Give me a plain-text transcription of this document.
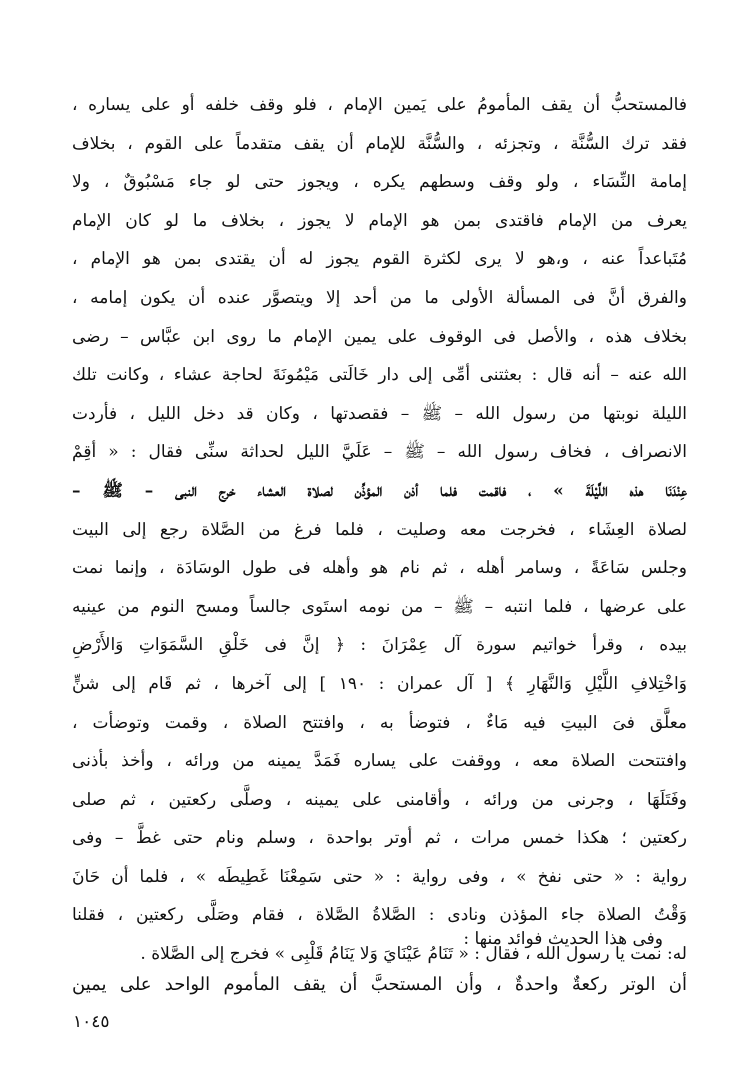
فالمستحبُّ أن يقف المأمومُ على يَمين الإمام ، فلو وقف خلفه أو على يساره ،
فقد ترك السُّنَّة ، وتجزئه ، والسُّنَّة للإمام أن يقف متقدماً على القوم ، بخلاف
إمامة النِّسَاء ، ولو وقف وسطهم يكره ، ويجوز حتى لو جاء مَسْبُوقٌ ، ولا
يعرف من الإمام فاقتدى بمن هو الإمام لا يجوز ، بخلاف ما لو كان الإمام
مُتَباعداً عنه ، و،هو لا يرى لكثرة القوم يجوز له أن يقتدى بمن هو الإمام ،
والفرق أنَّ فى المسألة الأولى ما من أحد إلا ويتصوَّر عنده أن يكون إمامه ،
بخلاف هذه ، والأصل فى الوقوف على يمين الإمام ما روى ابن عبَّاس – رضى
الله عنه – أنه قال : بعثتنى أمِّى إلى دار خَالَتى مَيْمُونَةَ لحاجة عشاء ، وكانت تلك
الليلة نوبتها من رسول الله – ﷺ – فقصدتها ، وكان قد دخل الليل ، فأردت
الانصراف ، فخاف رسول الله – ﷺ – عَلَيَّ الليل لحداثة سنِّى فقال : « أقِمْ
عِنْدَنَا هذه اللَّيْلَةَ » ، فاقمت فلما أذن المؤذِّن لصلاة العشاء خرج النبى – ﷺ –
لصلاة العِشَاء ، فخرجت معه وصليت ، فلما فرغ من الصَّلاة رجع إلى البيت
وجلس سَاعَةً ، وسامر أهله ، ثم نام هو وأهله فى طول الوسَادَة ، وإنما نمت
على عرضها ، فلما انتبه – ﷺ – من نومه استَوى جالساً ومسح النوم من عينيه
بيده ، وقرأ خواتيم سورة آل عِمْرَانَ : ﴿ إنَّ فى خَلْقِ السَّمَوَاتِ وَالأَرْضِ
وَاخْتِلافِ اللَّيْلِ وَالنَّهَارِ ﴾ [ آل عمران : ١٩٠ ] إلى آخرها ، ثم قَام إلى شنٍّ
معلَّق فىَ البيتِ فيه مَاءٌ ، فتوضأ به ، وافتتح الصلاة ، وقمت وتوضأت ،
وافتتحت الصلاة معه ، ووقفت على يساره فَمَدَّ يمينه من ورائه ، وأخذ بأذنى
وفَتَلَهَا ، وجرنى من ورائه ، وأقامنى على يمينه ، وصلَّى ركعتين ، ثم صلى
ركعتين ؛ هكذا خمس مرات ، ثم أوتر بواحدة ، وسلم ونام حتى غطَّ – وفى
رواية : « حتى نفخ » ، وفى رواية : « حتى سَمِعْنَا غَطِيطَه » ، فلما أن حَانَ
وَقْتُ الصلاة جاء المؤذن ونادى : الصَّلاةُ الصَّلاة ، فقام وصَلَّى ركعتين ، فقلنا
له: نمت يا رسول الله ، فقال : « تَنَامُ عَيْنَايَ وَلا يَنَامُ قَلْبِى » فخرج إلى الصَّلاة .
وفى هذا الحديث فوائد منها :
أن الوتر ركعةٌ واحدةٌ ، وأن المستحبَّ أن يقف المأموم الواحد على يمين
١٠٤٥
